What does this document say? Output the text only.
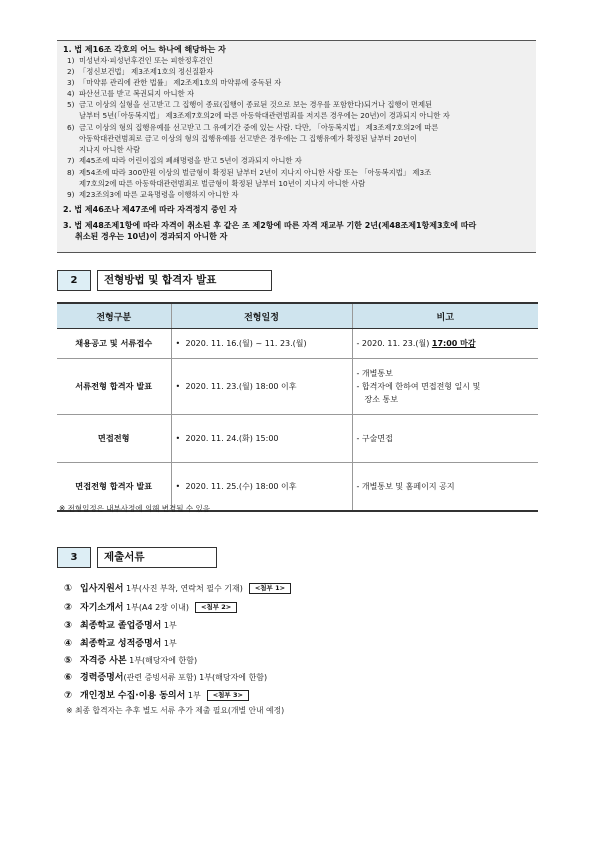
1. 법 제16조 각호의 어느 하나에 해당하는 자
1) 미성년자·피성년후견인 또는 피한정후견인
2) 「정신보건법」 제3조제1호의 정신질환자
3) 「마약류 관리에 관한 법률」 제2조제1호의 마약류에 중독된 자
4) 파산선고를 받고 복권되지 아니한 자
5) 금고 이상의 실형을 선고받고 그 집행이 종료(집행이 종료된 것으로 보는 경우를 포함한다)되거나 집행이 면제된
날부터 5년(「아동복지법」 제3조제7호의2에 따른 아동학대관련범죄를 저지른 경우에는 20년)이 경과되지 아니한 자
6) 금고 이상의 형의 집행유예를 선고받고 그 유예기간 중에 있는 사람. 다만, 「아동복지법」 제3조제7호의2에 따른
아동학대관련범죄로 금고 이상의 형의 집행유예를 선고받은 경우에는 그 집행유예가 확정된 날부터 20년이
지나지 아니한 사람
7) 제45조에 따라 어린이집의 폐쇄명령을 받고 5년이 경과되지 아니한 자
8) 제54조에 따라 300만원 이상의 벌금형이 확정된 날부터 2년이 지나지 아니한 사람 또는 「아동복지법」 제3조
제7호의2에 따른 아동학대관련범죄로 벌금형이 확정된 날부터 10년이 지나지 아니한 사람
9) 제23조의3에 따른 교육명령을 이행하지 아니한 자
2. 법 제46조나 제47조에 따라 자격정지 중인 자
3. 법 제48조제1항에 따라 자격이 취소된 후 같은 조 제2항에 따른 자격 재교부 기한 2년(제48조제1항제3호에 따라
취소된 경우는 10년)이 경과되지 아니한 자
2	전형방법 및 합격자 발표
전형구분	전형일정	비고
채용공고 및 서류접수	• 2020. 11. 16.(월) ~ 11. 23.(월)	- 2020. 11. 23.(월) 17:00 마감
서류전형 합격자 발표	• 2020. 11. 23.(월) 18:00 이후	- 개별통보
- 합격자에 한하여 면접전형 일시 및
장소 통보

면접전형	• 2020. 11. 24.(화) 15:00	- 구술면접
면접전형 합격자 발표	• 2020. 11. 25.(수) 18:00 이후	- 개별통보 및 홈페이지 공지
※ 전형일정은 내부사정에 의해 변경될 수 있음
3	제출서류
① 입사지원서 1부(사진 부착, 연락처 필수 기재) <첨부 1>
② 자기소개서 1부(A4 2장 이내) <첨부 2>
③ 최종학교 졸업증명서 1부
④ 최종학교 성적증명서 1부
⑤ 자격증 사본 1부(해당자에 한함)
⑥ 경력증명서(관련 증빙서류 포함) 1부(해당자에 한함)
⑦ 개인정보 수집·이용 동의서 1부 <첨부 3>
※ 최종 합격자는 추후 별도 서류 추가 제출 필요(개별 안내 예정)
